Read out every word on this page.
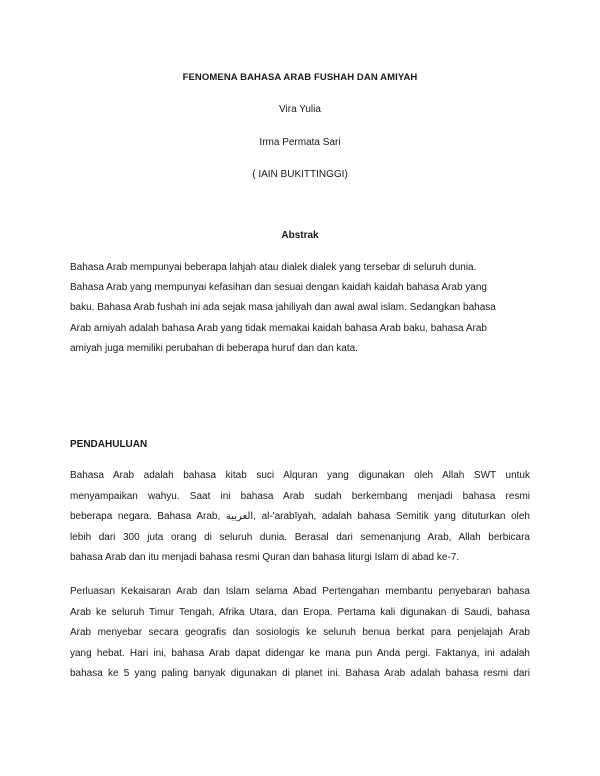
FENOMENA BAHASA ARAB FUSHAH DAN AMIYAH

Vira Yulia

Irma Permata Sari

( IAIN BUKITTINGGI)

Abstrak
Bahasa Arab mempunyai beberapa lahjah atau dialek dialek yang tersebar di seluruh dunia.
Bahasa Arab yang mempunyai kefasihan dan sesuai dengan kaidah kaidah bahasa Arab yang
baku. Bahasa Arab fushah ini ada sejak masa jahiliyah dan awal awal islam. Sedangkan bahasa
Arab amiyah adalah bahasa Arab yang tidak memakai kaidah bahasa Arab baku, bahasa Arab
amiyah juga memiliki perubahan di beberapa huruf dan dan kata.
PENDAHULUAN
Bahasa Arab adalah bahasa kitab suci Alquran yang digunakan oleh Allah SWT untuk
menyampaikan wahyu. Saat ini bahasa Arab sudah berkembang menjadi bahasa resmi
beberapa negara. Bahasa Arab, العربية, al-'arabīyah, adalah bahasa Semitik yang dituturkan oleh
lebih dari 300 juta orang di seluruh dunia. Berasal dari semenanjung Arab, Allah berbicara
bahasa Arab dan itu menjadi bahasa resmi Quran dan bahasa liturgi Islam di abad ke-7.
Perluasan Kekaisaran Arab dan Islam selama Abad Pertengahan membantu penyebaran bahasa
Arab ke seluruh Timur Tengah, Afrika Utara, dan Eropa. Pertama kali digunakan di Saudi, bahasa
Arab menyebar secara geografis dan sosiologis ke seluruh benua berkat para penjelajah Arab
yang hebat. Hari ini, bahasa Arab dapat didengar ke mana pun Anda pergi. Faktanya, ini adalah
bahasa ke 5 yang paling banyak digunakan di planet ini. Bahasa Arab adalah bahasa resmi dari
